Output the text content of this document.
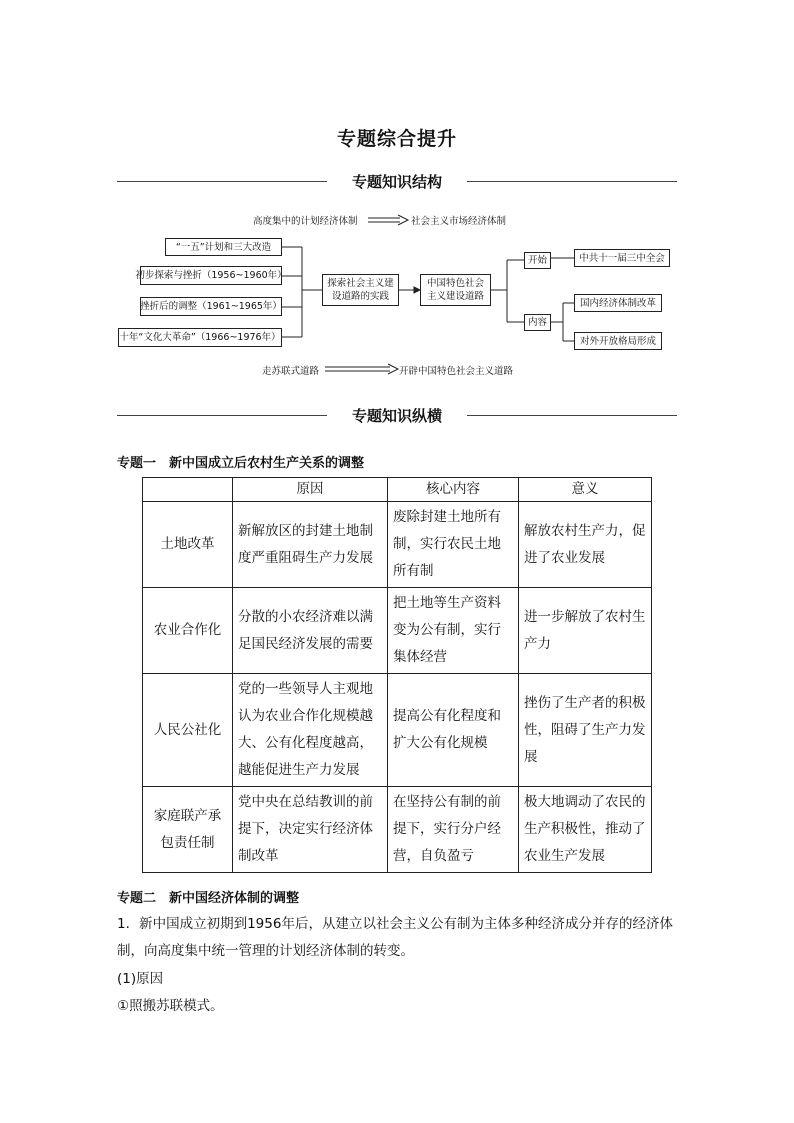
专题综合提升
专题知识结构
高度集中的计划经济体制	社会主义市场经济体制
“一五”计划和三大改造
初步探索与挫折（1956~1960年）
挫折后的调整（1961~1965年）
十年“文化大革命”（1966~1976年）
探索社会主义建设道路的实践
中国特色社会主义建设道路
开始
内容
中共十一届三中全会
国内经济体制改革
对外开放格局形成
走苏联式道路	开辟中国特色社会主义道路
专题知识纵横
专题一　新中国成立后农村生产关系的调整
	原因	核心内容	意义
土地改革	新解放区的封建土地制度严重阻碍生产力发展	废除封建土地所有制，实行农民土地所有制	解放农村生产力，促进了农业发展
农业合作化	分散的小农经济难以满足国民经济发展的需要	把土地等生产资料变为公有制，实行集体经营	进一步解放了农村生产力
人民公社化	党的一些领导人主观地认为农业合作化规模越大、公有化程度越高，越能促进生产力发展	提高公有化程度和扩大公有化规模	挫伤了生产者的积极性，阻碍了生产力发展
家庭联产承包责任制	党中央在总结教训的前提下，决定实行经济体制改革	在坚持公有制的前提下，实行分户经营，自负盈亏	极大地调动了农民的生产积极性，推动了农业生产发展
专题二　新中国经济体制的调整
1．新中国成立初期到1956年后，从建立以社会主义公有制为主体多种经济成分并存的经济体制，向高度集中统一管理的计划经济体制的转变。
(1)原因
①照搬苏联模式。
